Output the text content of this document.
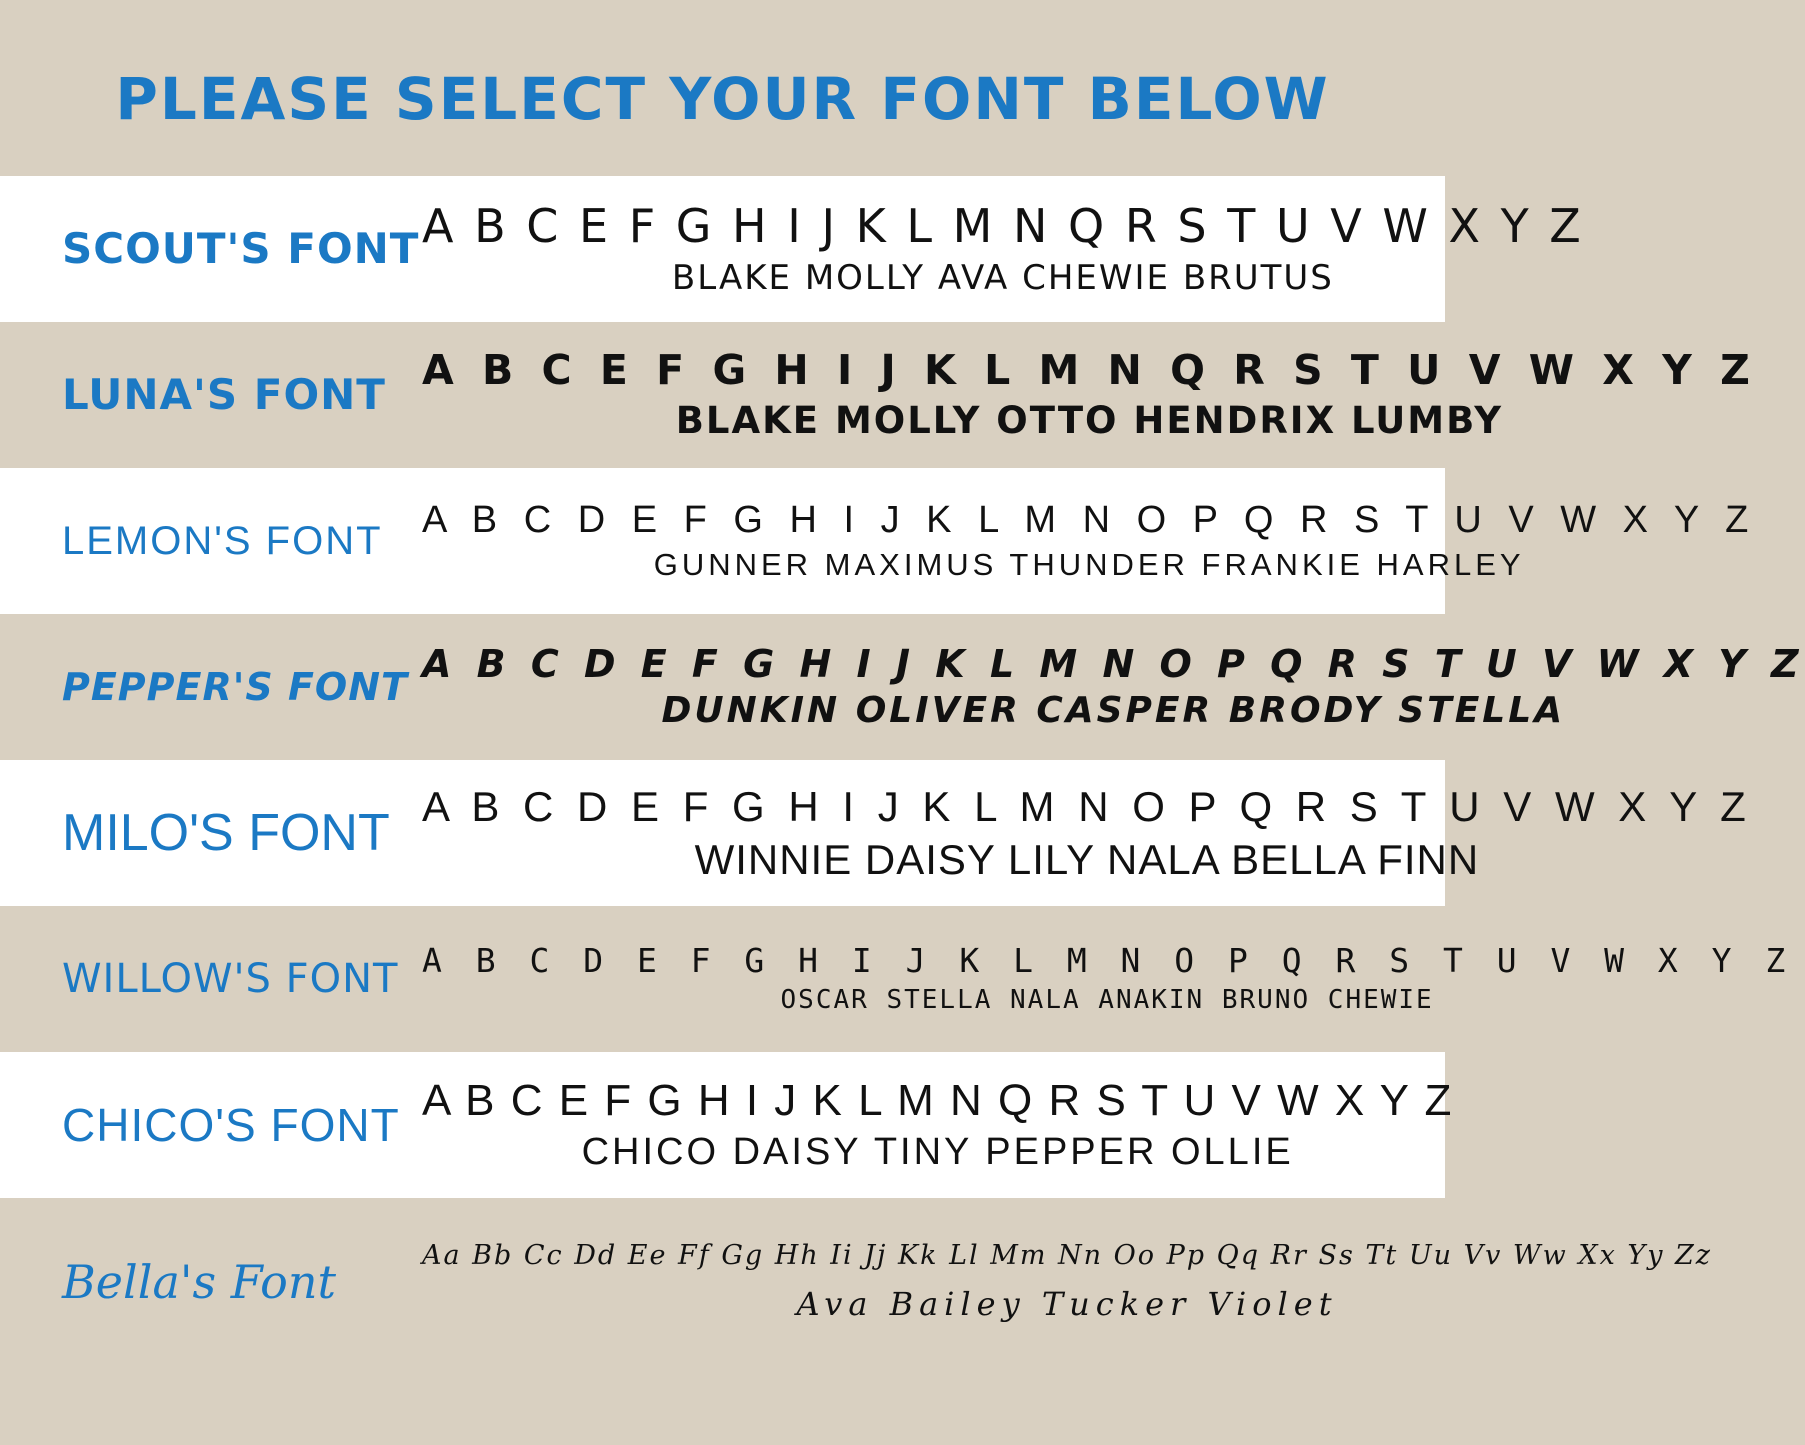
PLEASE SELECT YOUR FONT BELOW
SCOUT'S FONT A B C E F G H I J K L M N Q R S T U V W X Y Z
BLAKE MOLLY AVA CHEWIE BRUTUS
LUNA'S FONT A B C E F G H I J K L M N Q R S T U V W X Y Z
BLAKE MOLLY OTTO HENDRIX LUMBY
LEMON'S FONT	A B C D E F G H I J K L M N O P Q R S T U V W X Y Z
GUNNER MAXIMUS THUNDER FRANKIE HARLEY
PEPPER'S FONT
A B C D E F G H I J K L M N O P Q R S T U V W X Y Z
DUNKIN OLIVER CASPER BRODY STELLA
MILO'S FONT A B C D E F G H I J K L M N O P Q R S T U V W X Y Z
WINNIE DAISY LILY NALA BELLA FINN
WILLOW'S FONT A B C D E F G H I J K L M N O P Q R S T U V W X Y Z
OSCAR STELLA NALA ANAKIN BRUNO CHEWIE
CHICO'S FONT A B C E F G H I J K L M N Q R S T U V W X Y Z
CHICO DAISY TINY PEPPER OLLIE
Bella's Font	Aa Bb Cc Dd Ee Ff Gg Hh Ii Jj Kk Ll Mm Nn Oo Pp Qq Rr Ss Tt Uu Vv Ww Xx Yy Zz
Ava Bailey Tucker Violet
